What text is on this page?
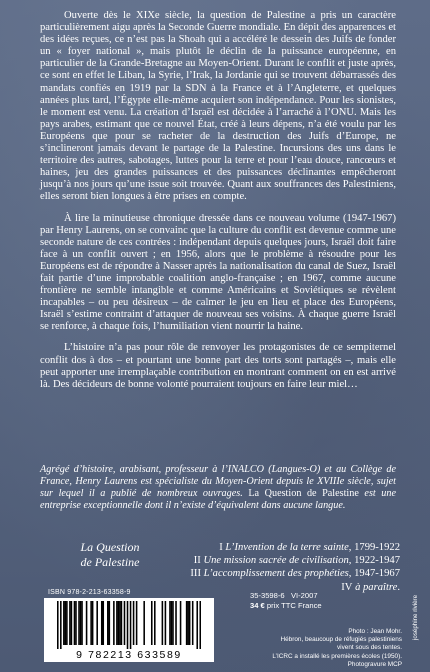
Ouverte dès le XIXe siècle, la question de Palestine a pris un caractère particulièrement aigu après la Seconde Guerre mondiale. En dépit des apparences et des idées reçues, ce n’est pas la Shoah qui a accéléré le dessein des Juifs de fonder un « foyer national », mais plutôt le déclin de la puissance européenne, en particulier de la Grande-Bretagne au Moyen-Orient. Durant le conflit et juste après, ce sont en effet le Liban, la Syrie, l’Irak, la Jordanie qui se trouvent débarrassés des mandats confiés en 1919 par la SDN à la France et à l’Angleterre, et quelques années plus tard, l’Égypte elle-même acquiert son indépendance. Pour les sionistes, le moment est venu. La création d’Israël est décidée à l’arraché à l’ONU. Mais les pays arabes, estimant que ce nouvel État, créé à leurs dépens, n’a été voulu par les Européens que pour se racheter de la destruction des Juifs d’Europe, ne s’inclineront jamais devant le partage de la Palestine. Incursions des uns dans le territoire des autres, sabotages, luttes pour la terre et pour l’eau douce, rancœurs et haines, jeu des grandes puissances et des puissances déclinantes empêcheront jusqu’à nos jours qu’une issue soit trouvée. Quant aux souffrances des Palestiniens, elles seront bien longues à être prises en compte.

À lire la minutieuse chronique dressée dans ce nouveau volume (1947-1967) par Henry Laurens, on se convainc que la culture du conflit est devenue comme une seconde nature de ces contrées : indépendant depuis quelques jours, Israël doit faire face à un conflit ouvert ; en 1956, alors que le problème à résoudre pour les Européens est de répondre à Nasser après la nationalisation du canal de Suez, Israël fait partie d’une improbable coalition anglo-française ; en 1967, comme aucune frontière ne semble intangible et comme Américains et Soviétiques se révèlent incapables – ou peu désireux – de calmer le jeu en lieu et place des Européens, Israël s’estime contraint d’attaquer de nouveau ses voisins. À chaque guerre Israël se renforce, à chaque fois, l’humiliation vient nourrir la haine.

L’histoire n’a pas pour rôle de renvoyer les protagonistes de ce sempiternel conflit dos à dos – et pourtant une bonne part des torts sont partagés –, mais elle peut apporter une irremplaçable contribution en montrant comment on en est arrivé là. Des décideurs de bonne volonté pourraient toujours en faire leur miel…

Agrégé d’histoire, arabisant, professeur à l’INALCO (Langues-O) et au Collège de France, Henry Laurens est spécialiste du Moyen-Orient depuis le XVIIIe siècle, sujet sur lequel il a publié de nombreux ouvrages. La Question de Palestine est une entreprise exceptionnelle dont il n’existe d’équivalent dans aucune langue.
La Question
de Palestine
I L’Invention de la terre sainte, 1799-1922
II Une mission sacrée de civilisation, 1922-1947
III L’accomplissement des prophéties, 1947-1967
IV à paraître.
ISBN 978-2-213-63358-9
9 782213 633589
35-3598-6 VI-2007
34 € prix TTC France
Photo : Jean Mohr.
Hébron, beaucoup de réfugiés palestiniens
vivent sous des tentes.
L’ICRC a installé les premières écoles (1950).
Photogravure MCP
joséphine rivière
